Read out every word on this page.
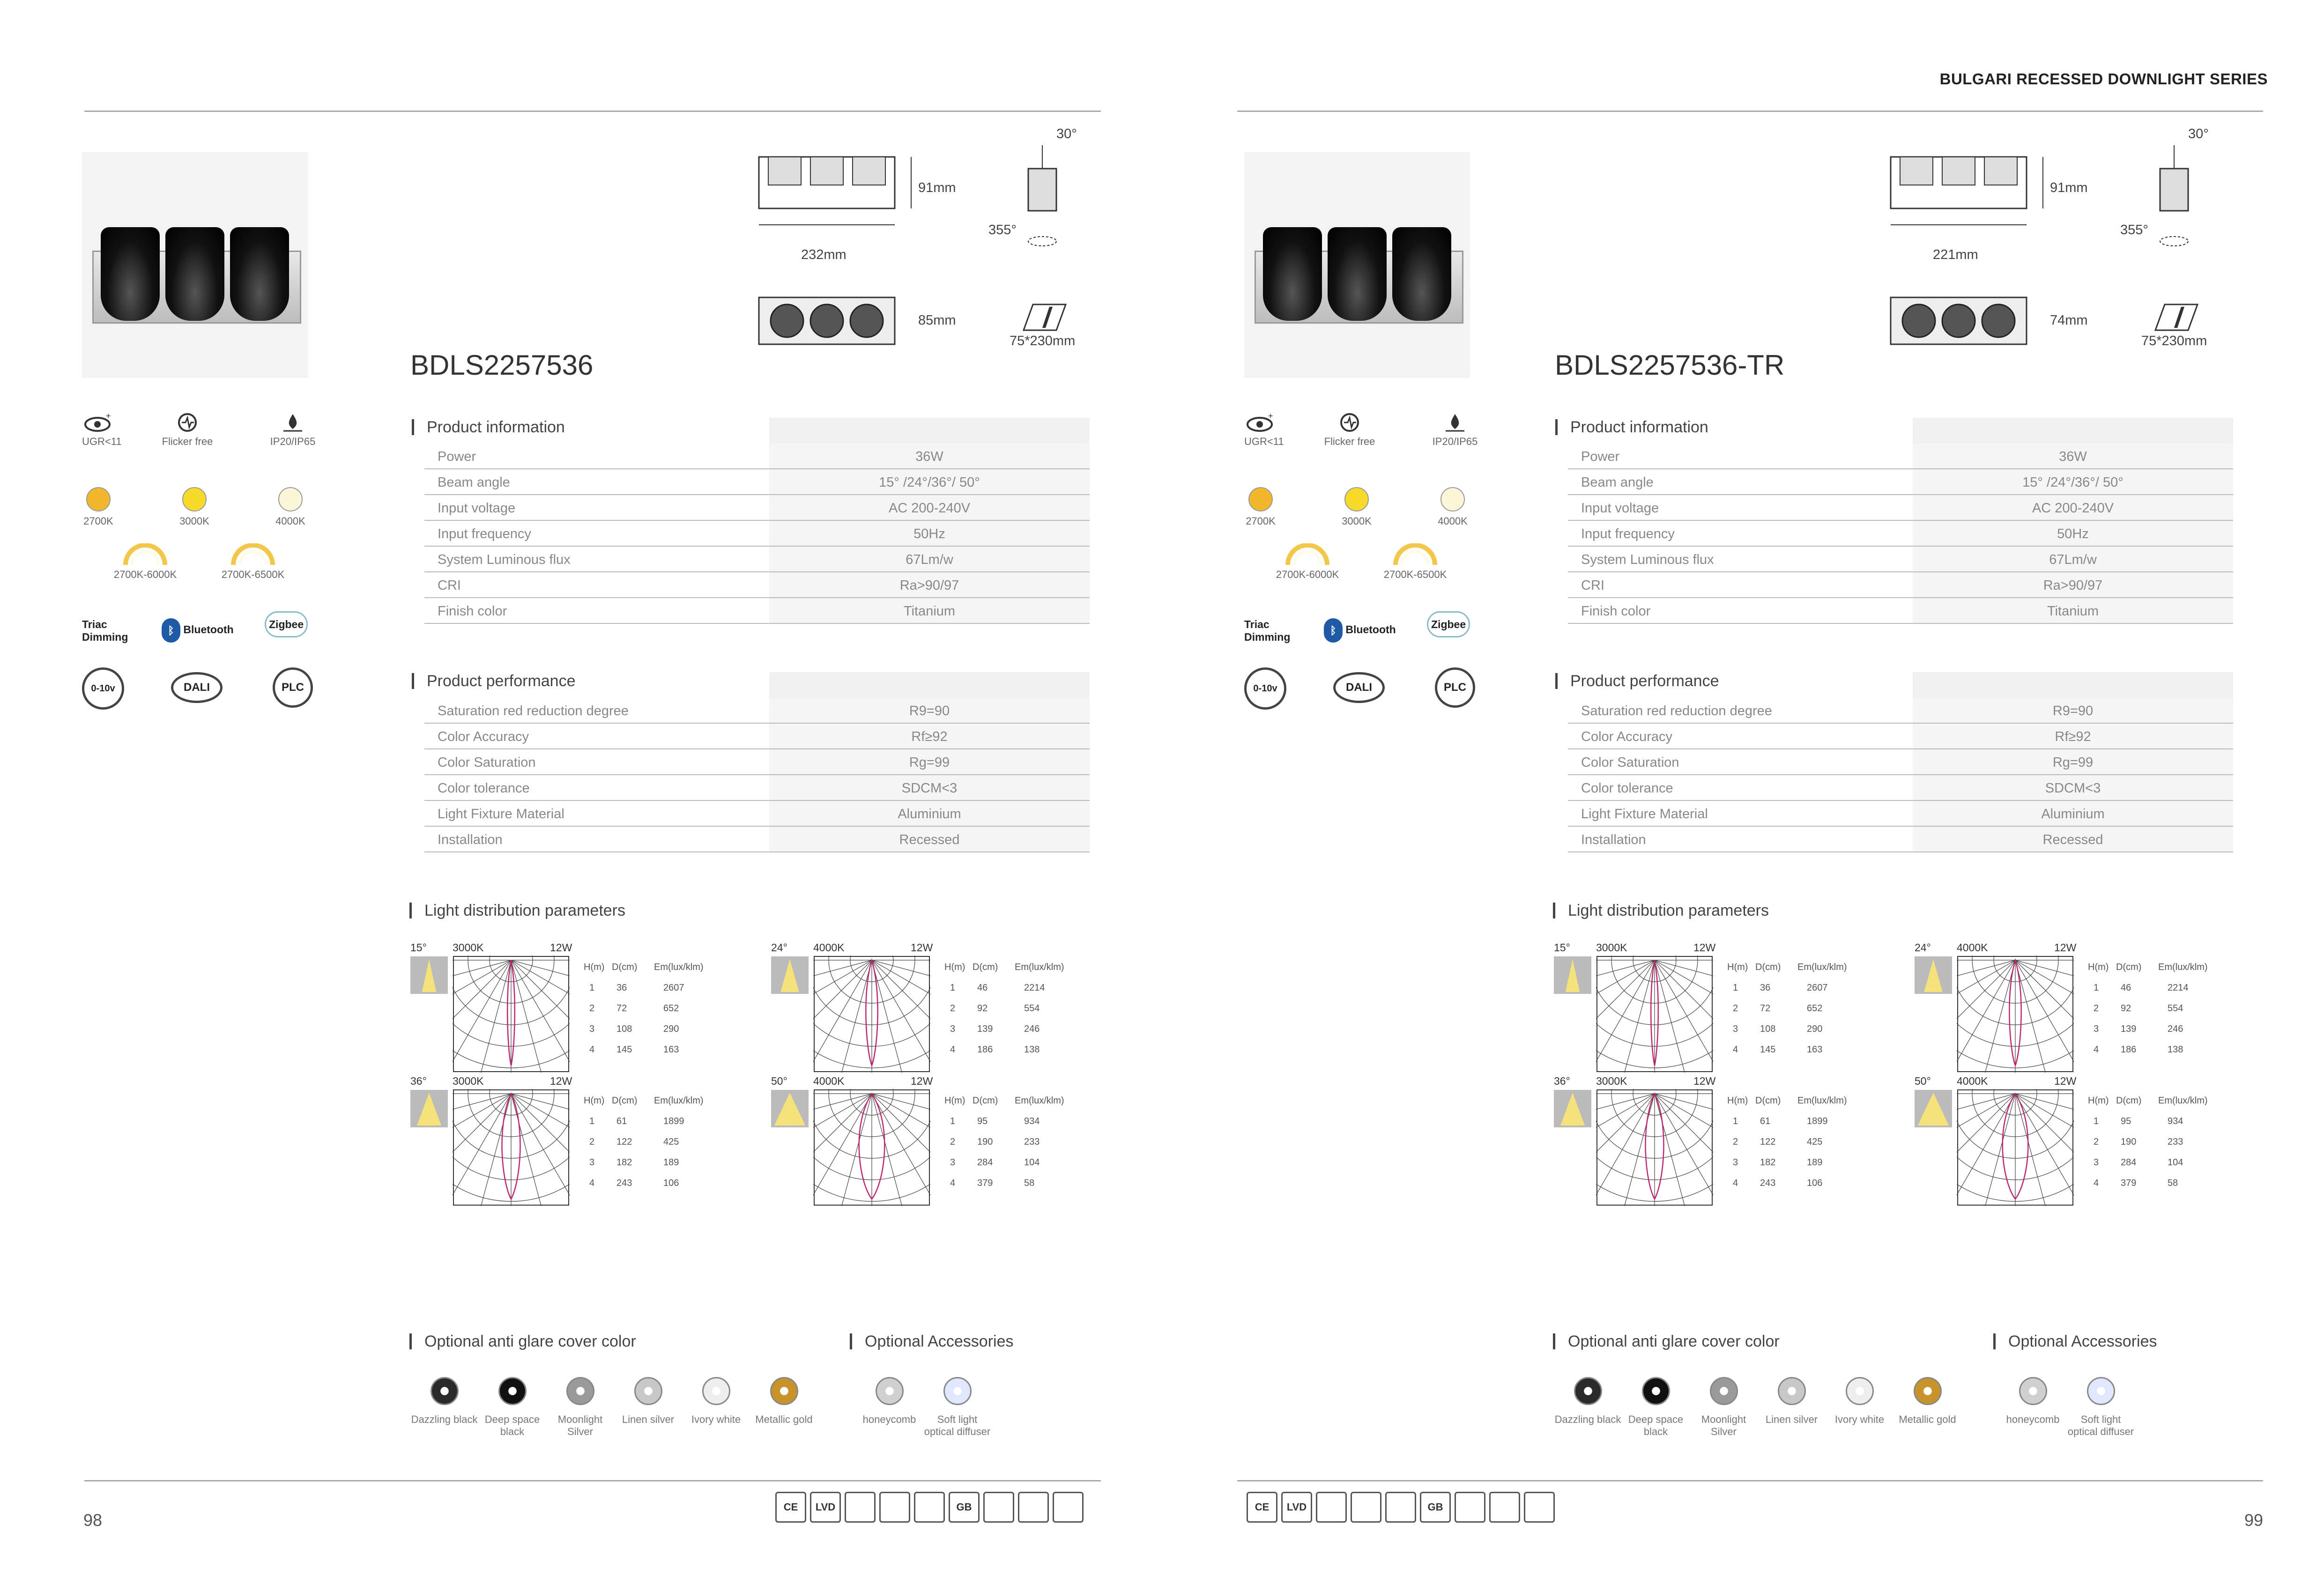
91mm
232mm
85mm
30°
355°
75*230mm
BDLS2257536
+
UGR<11	Flicker free	IP20/IP65
2700K	3000K	4000K
2700K-6000K	2700K-6500K
Triac
Dimming
ᛒ Bluetooth	Zigbee
0-10v	DALI	PLC
Product information
Power	36W
Beam angle	15° /24°/36°/ 50°
Input voltage	AC 200-240V
Input frequency	50Hz
System Luminous flux	67Lm/w
CRI	Ra>90/97
Finish color	Titanium
Product performance
Saturation red reduction degree	R9=90
Color Accuracy	Rf≥92
Color Saturation	Rg=99
Color tolerance	SDCM<3
Light Fixture Material	Aluminium
Installation	Recessed
Light distribution parameters
15° 3000K	12W
H(m) D(cm) Em(lux/klm)
1 36	2607
2 72	652
3 108	290
4 145	163
24° 4000K	12W
H(m) D(cm) Em(lux/klm)
1 46	2214
2 92	554
3 139	246
4 186	138
36° 3000K	12W
H(m) D(cm) Em(lux/klm)
1 61	1899
2 122	425
3 182	189
4 243	106
50° 4000K	12W
H(m) D(cm) Em(lux/klm)
1 95	934
2 190	233
3 284	104
4 379	58
Optional anti glare cover color
Dazzling black Deep space black
Moonlight Silver
Linen silver	Ivory white	Metallic gold
Optional Accessories
honeycomb	Soft light optical diffuser
98
CE	LVD	GB
BULGARI RECESSED DOWNLIGHT SERIES
91mm
221mm
74mm
30°
355°
75*230mm
BDLS2257536-TR
+
UGR<11	Flicker free	IP20/IP65
2700K	3000K	4000K
2700K-6000K	2700K-6500K
Triac
Dimming
ᛒ Bluetooth	Zigbee
0-10v	DALI	PLC
Product information
Power	36W
Beam angle	15° /24°/36°/ 50°
Input voltage	AC 200-240V
Input frequency	50Hz
System Luminous flux	67Lm/w
CRI	Ra>90/97
Finish color	Titanium
Product performance
Saturation red reduction degree	R9=90
Color Accuracy	Rf≥92
Color Saturation	Rg=99
Color tolerance	SDCM<3
Light Fixture Material	Aluminium
Installation	Recessed
Light distribution parameters
15° 3000K	12W
H(m) D(cm) Em(lux/klm)
1 36	2607
2 72	652
3 108	290
4 145	163
24° 4000K	12W
H(m) D(cm) Em(lux/klm)
1 46	2214
2 92	554
3 139	246
4 186	138
36° 3000K	12W
H(m) D(cm) Em(lux/klm)
1 61	1899
2 122	425
3 182	189
4 243	106
50° 4000K	12W
H(m) D(cm) Em(lux/klm)
1 95	934
2 190	233
3 284	104
4 379	58
Optional anti glare cover color
Dazzling black Deep space black
Moonlight Silver
Linen silver	Ivory white	Metallic gold
Optional Accessories
honeycomb	Soft light optical diffuser
99
CE	LVD	GB
